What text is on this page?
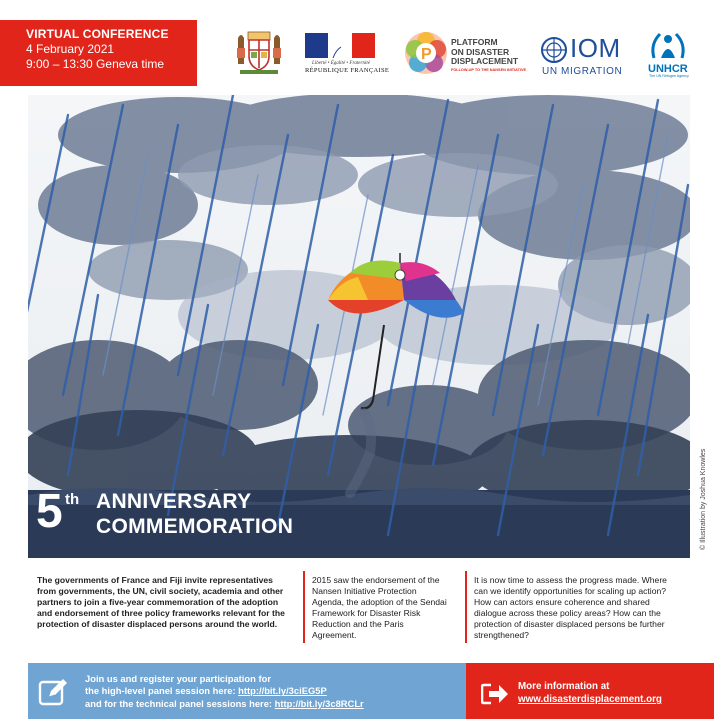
VIRTUAL CONFERENCE
4 February 2021
9:00 – 13:30 Geneva time	Liberté • Égalité • Fraternité
RÉPUBLIQUE FRANÇAISE
P
PLATFORM
ON DISASTER
DISPLACEMENT
FOLLOW-UP TO THE NANSEN INITIATIVE
IOM
UN MIGRATION UNHCR
The UN Refugee Agency
© Illustration by Joshua Knowles
5 th ANNIVERSARY
COMMEMORATION
The governments of France and Fiji invite representatives from governments, the UN, civil society, academia and other partners to join a five-year commemoration of the adoption and endorsement of three policy frameworks relevant for the protection of disaster displaced persons around the world.
2015 saw the endorsement of the Nansen Initiative Protection Agenda, the adoption of the Sendai Framework for Disaster Risk Reduction and the Paris Agreement.
It is now time to assess the progress made. Where can we identify opportunities for scaling up action? How can actors ensure coherence and shared dialogue across these policy areas? How can the protection of disaster displaced persons be further strengthened?
Join us and register your participation for
the high-level panel session here: http://bit.ly/3ciEG5P
and for the technical panel sessions here: http://bit.ly/3c8RCLr
More information at
www.disasterdisplacement.org
